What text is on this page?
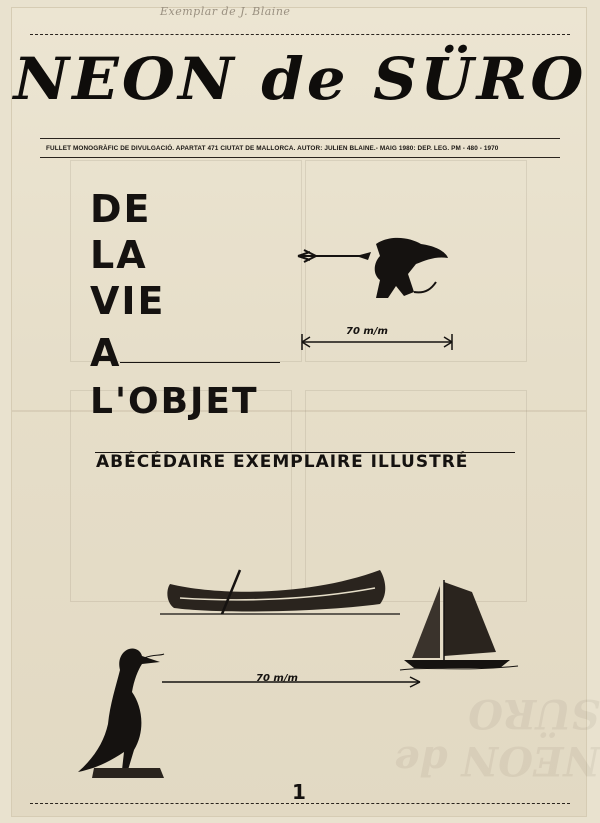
Exemplar de J. Blaine
NEON de SÜRO
FULLET MONOGRÀFIC DE DIVULGACIÓ. APARTAT 471 CIUTAT DE MALLORCA. AUTOR: JULIEN BLAINE.- MAIG 1980: DEP. LEG. PM - 480 - 1970
DE
LA
VIE
A
L'OBJET
ABÉCÉDAIRE EXEMPLAIRE ILLUSTRÉ
70 m/m
70 m/m
NEON de SÜRO
1
